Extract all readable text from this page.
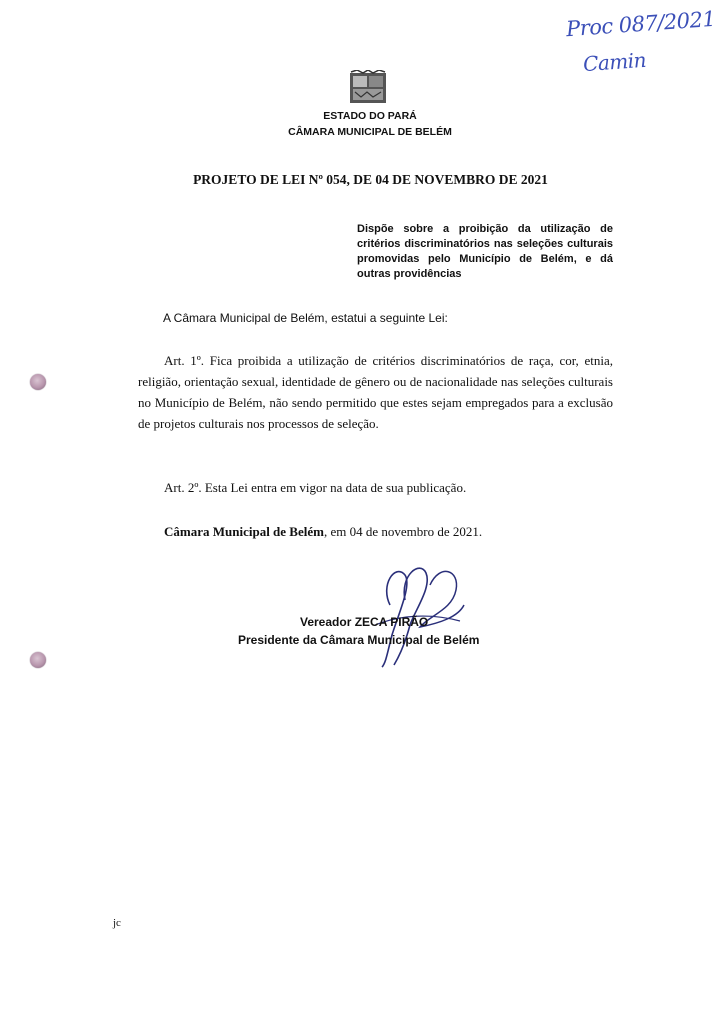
Proc 087/2021
Camin
ESTADO DO PARÁ
CÂMARA MUNICIPAL DE BELÉM
PROJETO DE LEI Nº 054, DE 04 DE NOVEMBRO DE 2021
Dispõe sobre a proibição da utilização de critérios discriminatórios nas seleções culturais promovidas pelo Município de Belém, e dá outras providências
A Câmara Municipal de Belém, estatui a seguinte Lei:
Art. 1º. Fica proibida a utilização de critérios discriminatórios de raça, cor, etnia, religião, orientação sexual, identidade de gênero ou de nacionalidade nas seleções culturais no Município de Belém, não sendo permitido que estes sejam empregados para a exclusão de projetos culturais nos processos de seleção.
Art. 2º. Esta Lei entra em vigor na data de sua publicação.
Câmara Municipal de Belém, em 04 de novembro de 2021.
Vereador ZECA PIRÃO
Presidente da Câmara Municipal de Belém
jc
